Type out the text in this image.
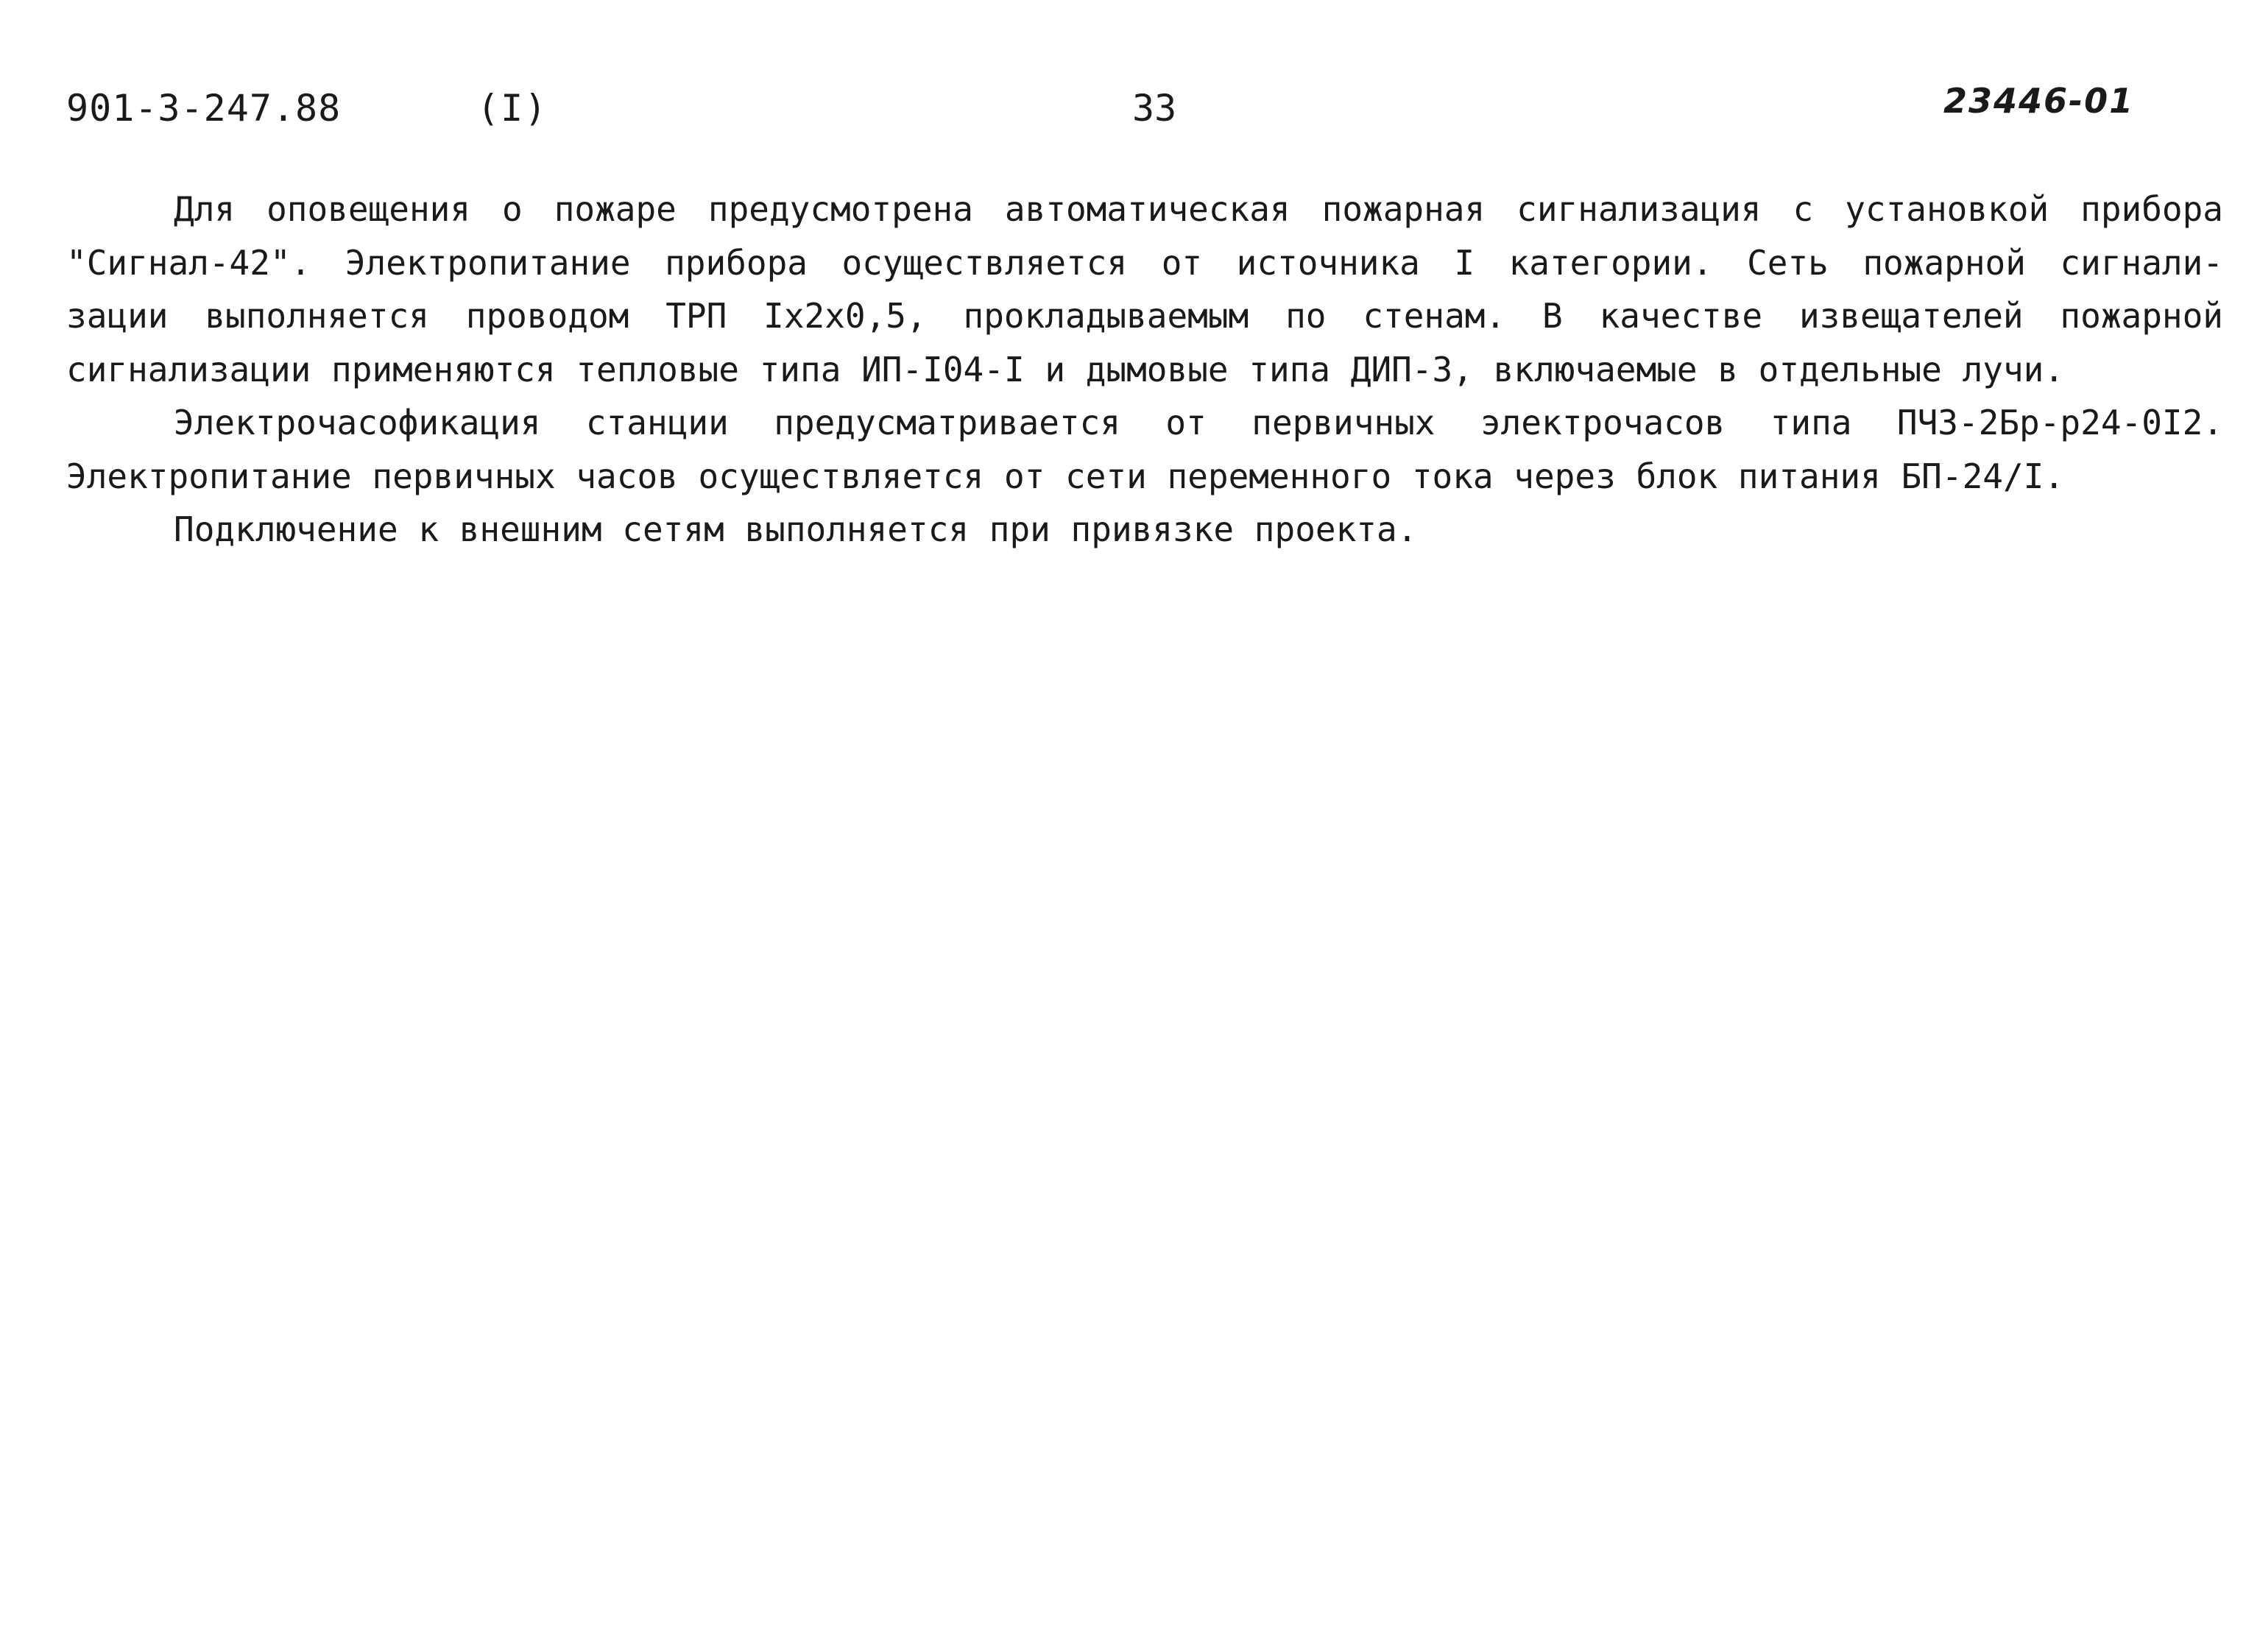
901-3-247.88	(I)	33	23446-01
Для оповещения о пожаре предусмотрена автоматическая пожарная сигнализация с установкой прибора
"Сигнал-42". Электропитание прибора осуществляется от источника I категории. Сеть пожарной сигнали-
зации выполняется проводом ТРП Iх2х0,5, прокладываемым по стенам. В качестве извещателей пожарной
сигнализации применяются тепловые типа ИП-I04-I и дымовые типа ДИП-3, включаемые в отдельные лучи.
Электрочасофикация станции предусматривается от первичных электрочасов типа ПЧЗ-2Бр-р24-0I2.
Электропитание первичных часов осуществляется от сети переменного тока через блок питания БП-24/I.
Подключение к внешним сетям выполняется при привязке проекта.
